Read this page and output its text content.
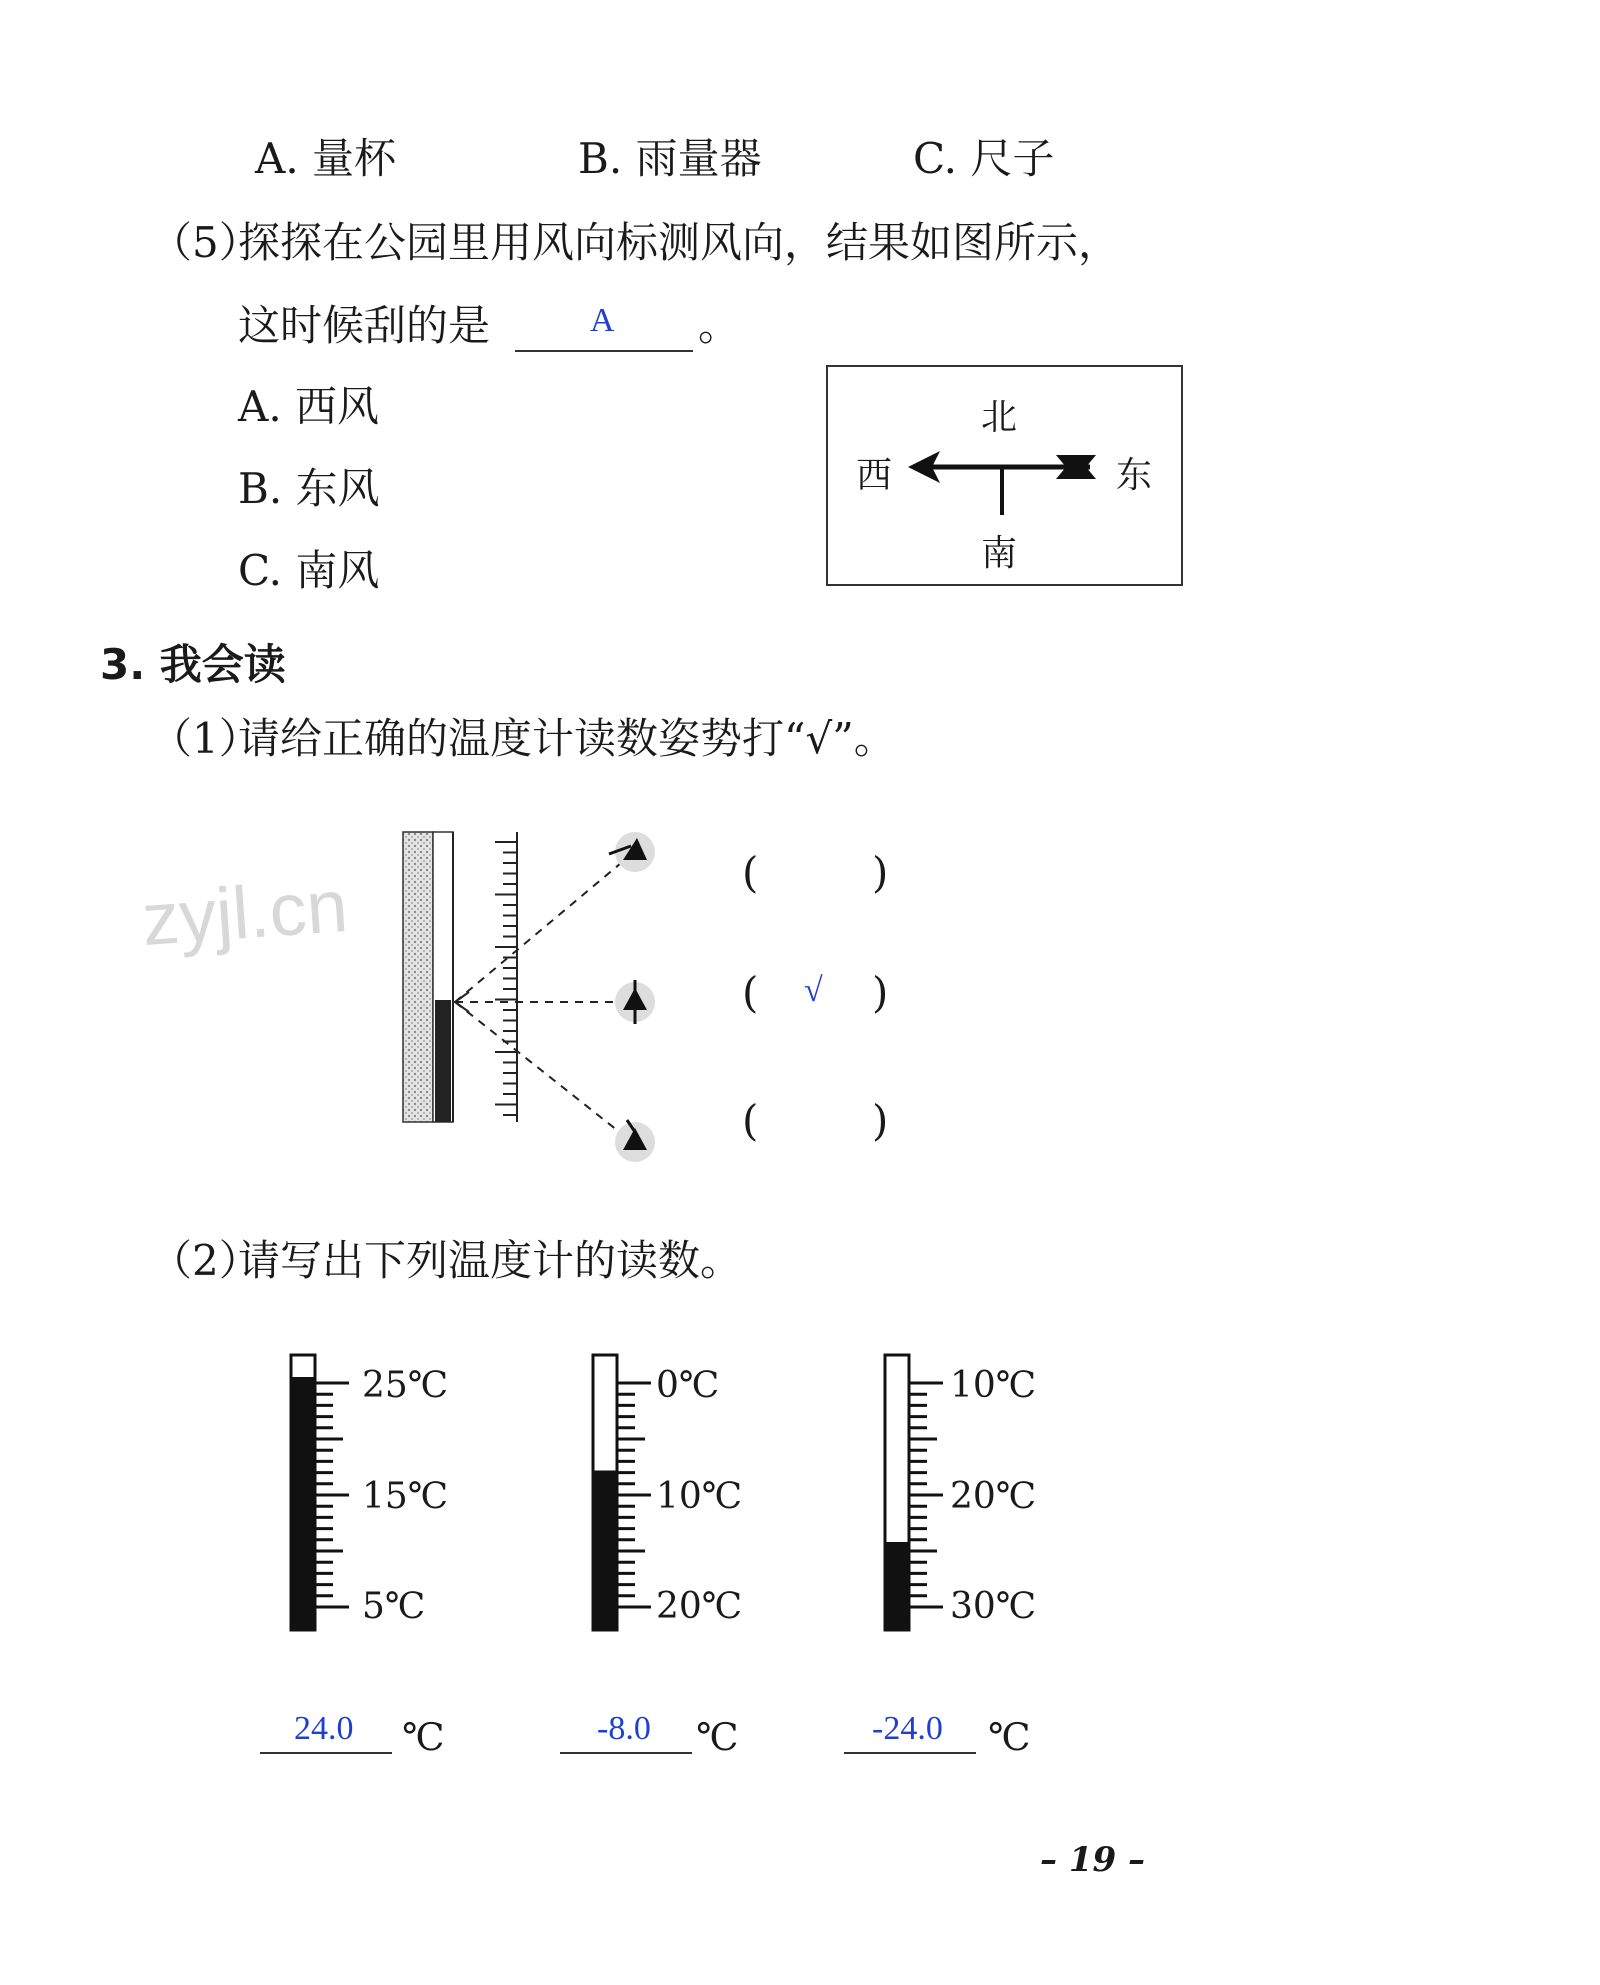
A. 量杯	B. 雨量器	C. 尺子
（5）
探探在公园里用风向标测风向，结果如图所示，
这时候刮的是	A 。
A. 西风
B. 东风
C. 南风
北
南
西	东
3. 我会读
（1）
请给正确的温度计读数姿势打“√”。
(	)
( √ )
(	)
zyjl.cn
（2）
请写出下列温度计的读数。
25℃
15℃
5℃
0℃
10℃
20℃
10℃
20℃
30℃
24.0 ℃	-8.0 ℃	-24.0 ℃
– 19 –
